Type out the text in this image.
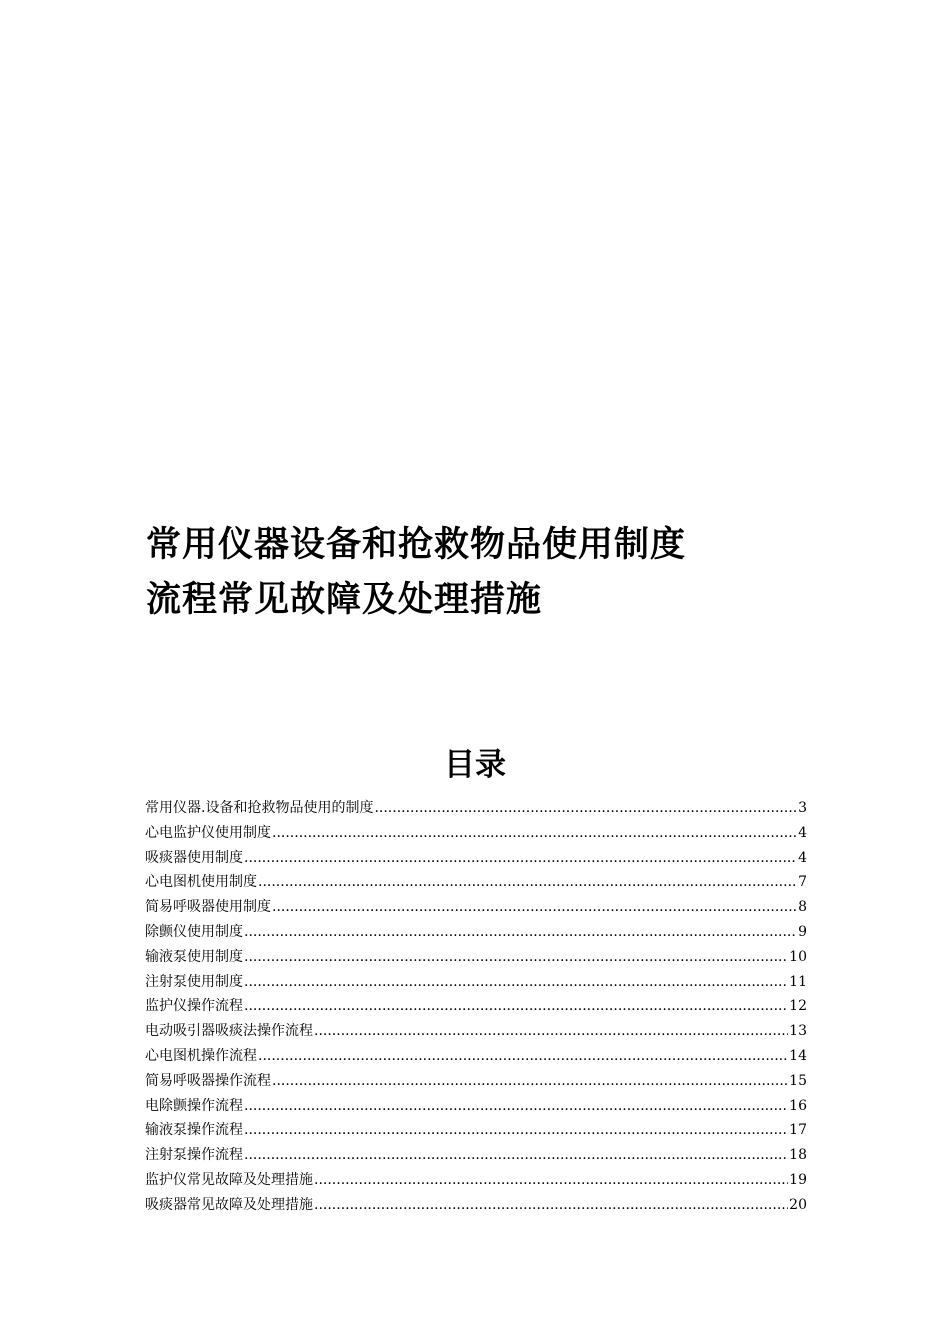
常用仪器设备和抢救物品使用制度
流程常见故障及处理措施
目录
常用仪器.设备和抢救物品使用的制度 .....	3
心电监护仪使用制度 .....	4
吸痰器使用制度 .....	4
心电图机使用制度 .....	7
简易呼吸器使用制度 .....	8
除颤仪使用制度 .....	9
输液泵使用制度 .....	10
注射泵使用制度 .....	11
监护仪操作流程 .....	12
电动吸引器吸痰法操作流程 .....	13
心电图机操作流程 .....	14
简易呼吸器操作流程 .....	15
电除颤操作流程 .....	16
输液泵操作流程 .....	17
注射泵操作流程 .....	18
监护仪常见故障及处理措施 .....	19
吸痰器常见故障及处理措施 .....	20
